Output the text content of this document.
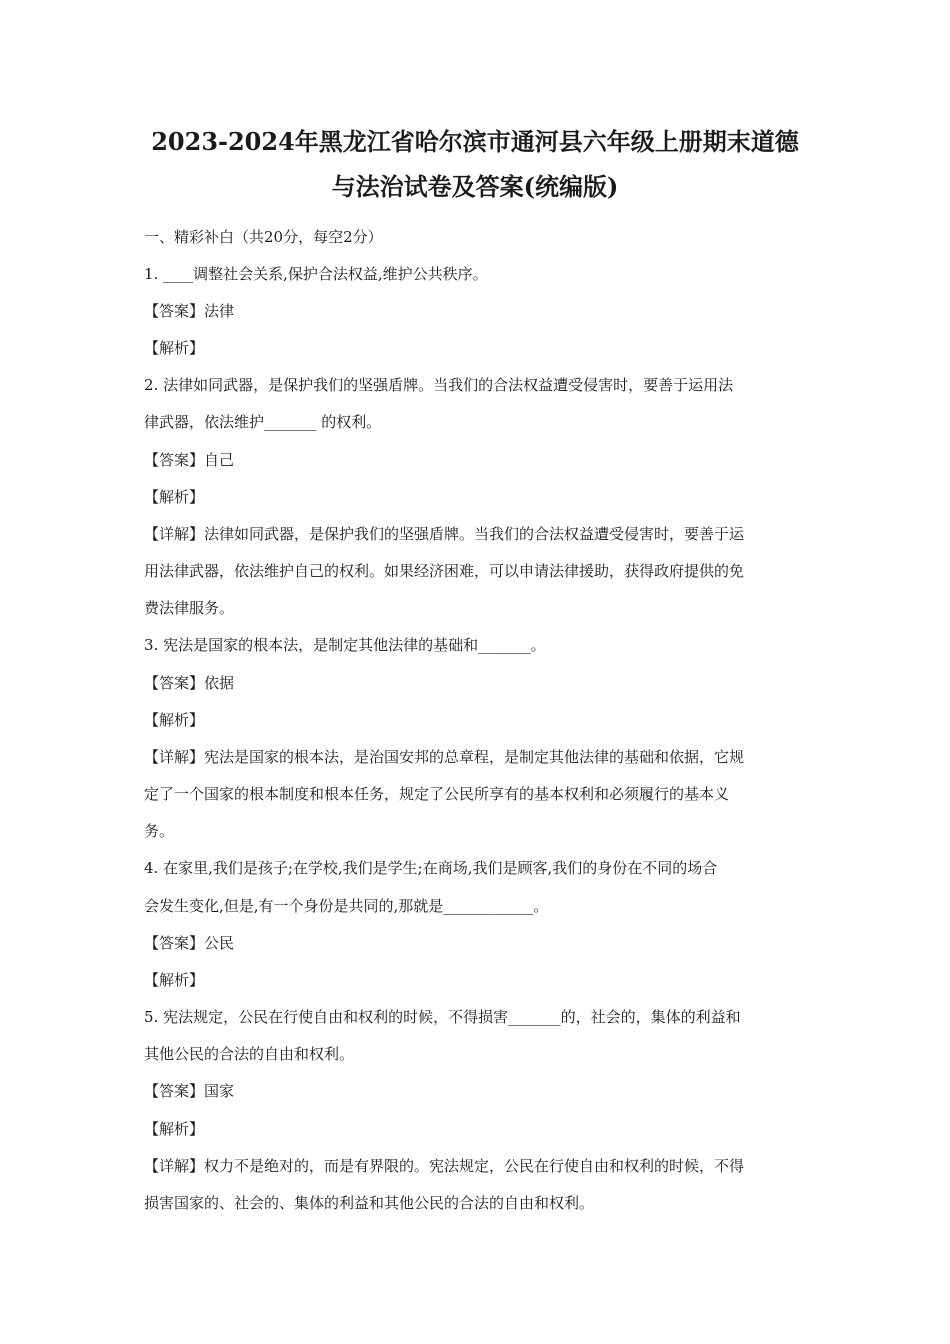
2023-2024年黑龙江省哈尔滨市通河县六年级上册期末道德
与法治试卷及答案(统编版)

一、精彩补白（共20分，每空2分）

1. ____调整社会关系,保护合法权益,维护公共秩序。

【答案】法律

【解析】

2. 法律如同武器，是保护我们的坚强盾牌。当我们的合法权益遭受侵害时，要善于运用法

律武器，依法维护_______ 的权利。

【答案】自己

【解析】

【详解】法律如同武器，是保护我们的坚强盾牌。当我们的合法权益遭受侵害时，要善于运

用法律武器，依法维护自己的权利。如果经济困难，可以申请法律援助，获得政府提供的免

费法律服务。

3. 宪法是国家的根本法，是制定其他法律的基础和_______。

【答案】依据

【解析】

【详解】宪法是国家的根本法，是治国安邦的总章程，是制定其他法律的基础和依据，它规

定了一个国家的根本制度和根本任务，规定了公民所享有的基本权利和必须履行的基本义

务。

4. 在家里,我们是孩子;在学校,我们是学生;在商场,我们是顾客,我们的身份在不同的场合

会发生变化,但是,有一个身份是共同的,那就是____________。

【答案】公民

【解析】

5. 宪法规定，公民在行使自由和权利的时候，不得损害_______的，社会的，集体的利益和

其他公民的合法的自由和权利。

【答案】国家

【解析】

【详解】权力不是绝对的，而是有界限的。宪法规定，公民在行使自由和权利的时候，不得

损害国家的、社会的、集体的利益和其他公民的合法的自由和权利。
